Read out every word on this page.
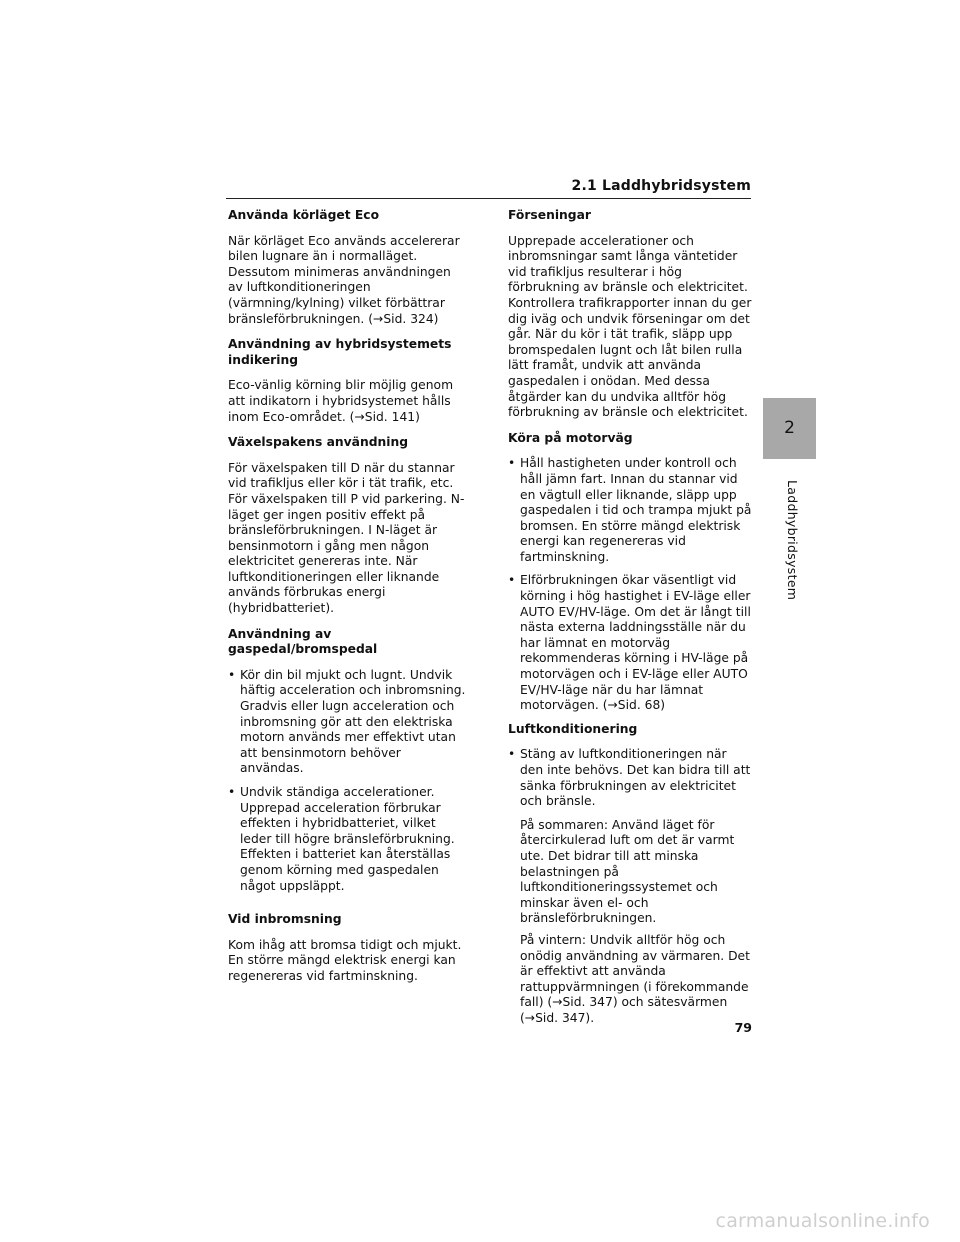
2.1 Laddhybridsystem
Använda körläget Eco
När körläget Eco används accelererar bilen lugnare än i normalläget. Dessutom minimeras användningen av luftkonditioneringen (värmning/kylning) vilket förbättrar bränsleförbrukningen. (→Sid. 324)
Användning av hybridsystemets indikering
Eco-vänlig körning blir möjlig genom att indikatorn i hybridsystemet hålls inom Eco-området. (→Sid. 141)
Växelspakens användning
För växelspaken till D när du stannar vid trafikljus eller kör i tät trafik, etc. För växelspaken till P vid parkering. N-läget ger ingen positiv effekt på bränsleförbrukningen. I N-läget är bensinmotorn i gång men någon elektricitet genereras inte. När luftkonditioneringen eller liknande används förbrukas energi (hybridbatteriet).
Användning av gaspedal/bromspedal
• Kör din bil mjukt och lugnt. Undvik häftig acceleration och inbromsning. Gradvis eller lugn acceleration och inbromsning gör att den elektriska motorn används mer effektivt utan att bensinmotorn behöver användas.
• Undvik ständiga accelerationer. Upprepad acceleration förbrukar effekten i hybridbatteriet, vilket leder till högre bränsleförbrukning. Effekten i batteriet kan återställas genom körning med gaspedalen något uppsläppt.
Vid inbromsning
Kom ihåg att bromsa tidigt och mjukt. En större mängd elektrisk energi kan regenereras vid fartminskning.
Förseningar
Upprepade accelerationer och inbromsningar samt långa väntetider vid trafikljus resulterar i hög förbrukning av bränsle och elektricitet. Kontrollera trafikrapporter innan du ger dig iväg och undvik förseningar om det går. När du kör i tät trafik, släpp upp bromspedalen lugnt och låt bilen rulla lätt framåt, undvik att använda gaspedalen i onödan. Med dessa åtgärder kan du undvika alltför hög förbrukning av bränsle och elektricitet.
Köra på motorväg
• Håll hastigheten under kontroll och håll jämn fart. Innan du stannar vid en vägtull eller liknande, släpp upp gaspedalen i tid och trampa mjukt på bromsen. En större mängd elektrisk energi kan regenereras vid fartminskning.
• Elförbrukningen ökar väsentligt vid körning i hög hastighet i EV-läge eller AUTO EV/HV-läge. Om det är långt till nästa externa laddningsställe när du har lämnat en motorväg rekommenderas körning i HV-läge på motorvägen och i EV-läge eller AUTO EV/HV-läge när du har lämnat motorvägen. (→Sid. 68)
Luftkonditionering
• Stäng av luftkonditioneringen när den inte behövs. Det kan bidra till att sänka förbrukningen av elektricitet och bränsle.
På sommaren: Använd läget för återcirkulerad luft om det är varmt ute. Det bidrar till att minska belastningen på luftkonditioneringssystemet och minskar även el- och bränsleförbrukningen.
På vintern: Undvik alltför hög och onödig användning av värmaren. Det är effektivt att använda rattuppvärmningen (i förekommande fall) (→Sid. 347) och sätesvärmen (→Sid. 347).
2
Laddhybridsystem
79
carmanualsonline.info
